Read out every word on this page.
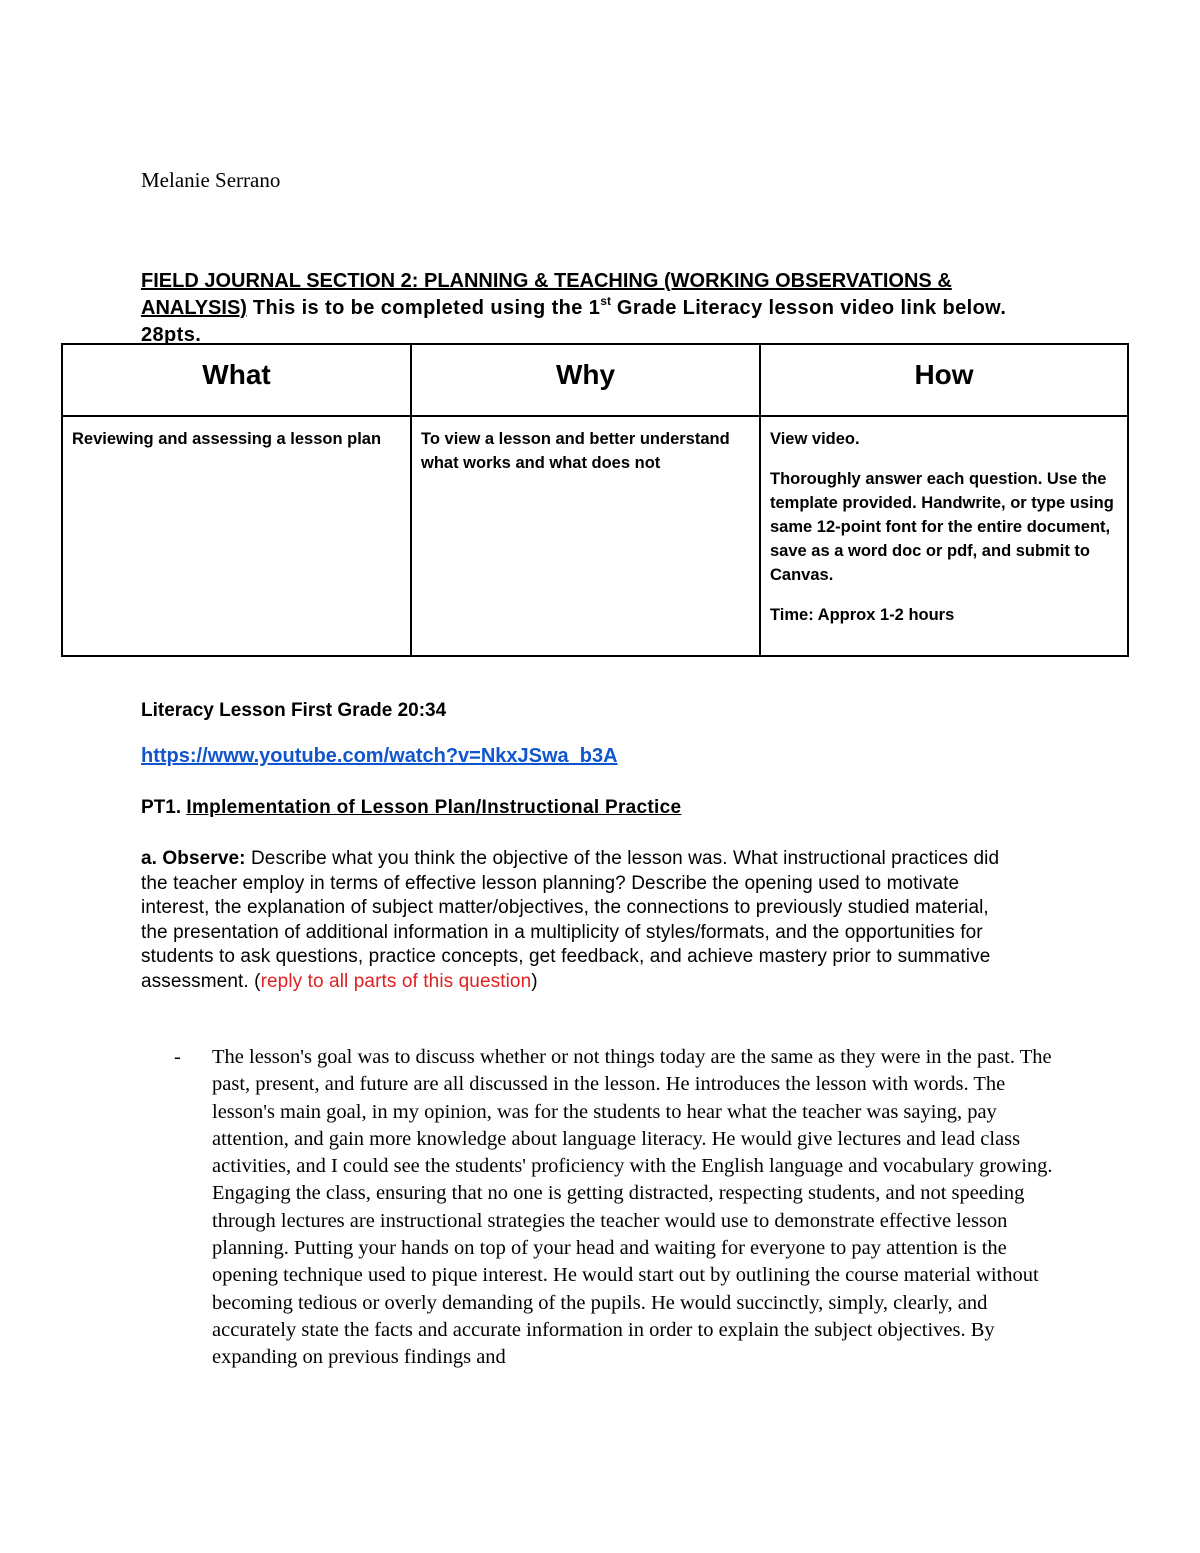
Melanie Serrano
FIELD JOURNAL SECTION 2: PLANNING & TEACHING (WORKING OBSERVATIONS & ANALYSIS) This is to be completed using the 1st Grade Literacy lesson video link below. 28pts.
What	Why	How
Reviewing and assessing a lesson plan	To view a lesson and better understand what works and what does not	View video.

Thoroughly answer each question. Use the template provided. Handwrite, or type using same 12-point font for the entire document, save as a word doc or pdf, and submit to Canvas.

Time: Approx 1-2 hours

Literacy Lesson First Grade 20:34
https://www.youtube.com/watch?v=NkxJSwa_b3A
PT1. Implementation of Lesson Plan/Instructional Practice
a. Observe: Describe what you think the objective of the lesson was. What instructional practices did the teacher employ in terms of effective lesson planning? Describe the opening used to motivate interest, the explanation of subject matter/objectives, the connections to previously studied material, the presentation of additional information in a multiplicity of styles/formats, and the opportunities for students to ask questions, practice concepts, get feedback, and achieve mastery prior to summative assessment. (reply to all parts of this question)
- The lesson's goal was to discuss whether or not things today are the same as they were in the past. The past, present, and future are all discussed in the lesson. He introduces the lesson with words. The lesson's main goal, in my opinion, was for the students to hear what the teacher was saying, pay attention, and gain more knowledge about language literacy. He would give lectures and lead class activities, and I could see the students' proficiency with the English language and vocabulary growing. Engaging the class, ensuring that no one is getting distracted, respecting students, and not speeding through lectures are instructional strategies the teacher would use to demonstrate effective lesson planning. Putting your hands on top of your head and waiting for everyone to pay attention is the opening technique used to pique interest. He would start out by outlining the course material without becoming tedious or overly demanding of the pupils. He would succinctly, simply, clearly, and accurately state the facts and accurate information in order to explain the subject objectives. By expanding on previous findings and
